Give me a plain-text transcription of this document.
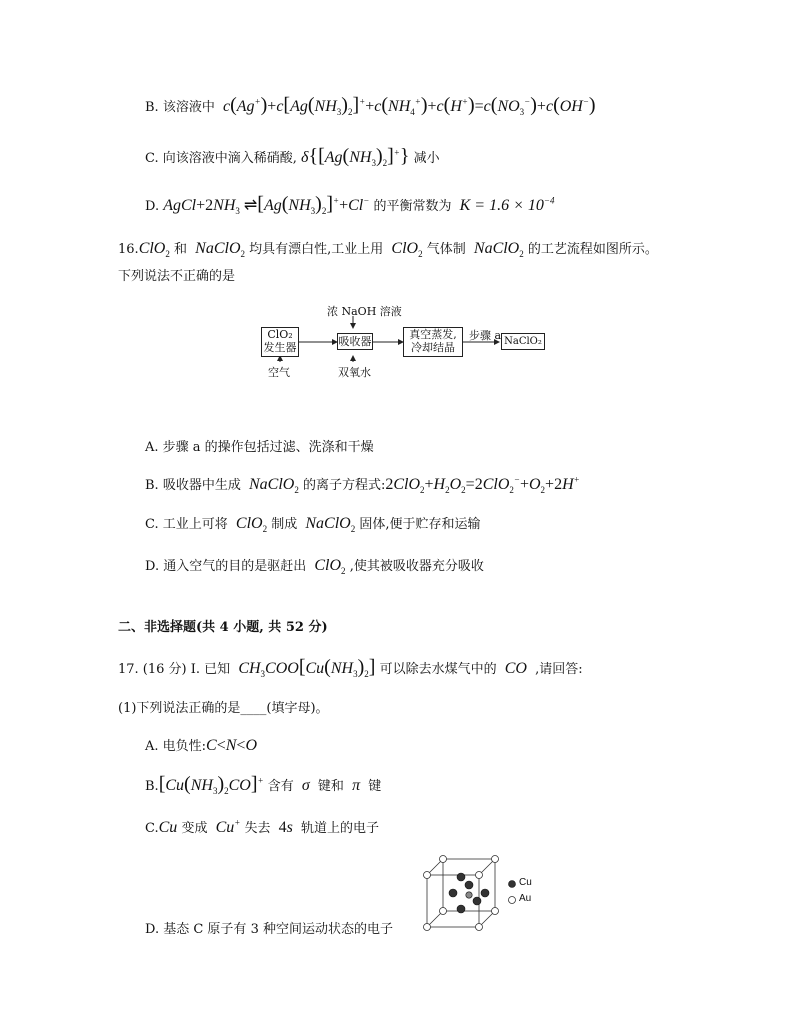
B. 该溶液中  $c(Ag^+)+c[Ag(NH_3)_2]^++c(NH_4^+)+c(H^+)=c(NO_3^-)+c(OH^-)$
C. 向该溶液中滴入稀硝酸, $\delta\{[Ag(NH_3)_2]^+\}$ 减小
D. $AgCl+2NH_3$ $\rightleftharpoons[Ag(NH_3)_2]^++Cl^-$ 的平衡常数为 $K = 1.6 \times 10^{-4}$
16.ClO$_2$ 和  NaClO$_2$ 均具有漂白性,工业上用  ClO$_2$ 气体制  NaClO$_2$ 的工艺流程如图所示。
下列说法不正确的是
浓 NaOH 溶液
ClO₂
发生器	吸收器
真空蒸发,
冷却结晶
步骤 a NaClO₂
空气	双氧水
A. 步骤 a 的操作包括过滤、洗涤和干燥
B. 吸收器中生成  NaClO$_2$ 的离子方程式$:2ClO_2+H_2O_2=2ClO_2^-+O_2+2H^+$
C. 工业上可将  ClO$_2$ 制成  NaClO$_2$ 固体,便于贮存和运输
D. 通入空气的目的是驱赶出  ClO$_2$ ,使其被吸收器充分吸收
二、非选择题(共 4 小题, 共 52 分)
17. (16 分) I. 已知  $CH_3COO[Cu(NH_3)_2]$ 可以除去水煤气中的  CO  ,请回答:
(1)下列说法正确的是____(填字母)。
A. 电负性:C<N<O
$B.[Cu(NH_3)_2CO]^+$ 含有  σ  键和  π  键
C.Cu 变成  Cu+ 失去 4s  轨道上的电子
Cu
Au
D. 基态 C 原子有 3 种空间运动状态的电子
